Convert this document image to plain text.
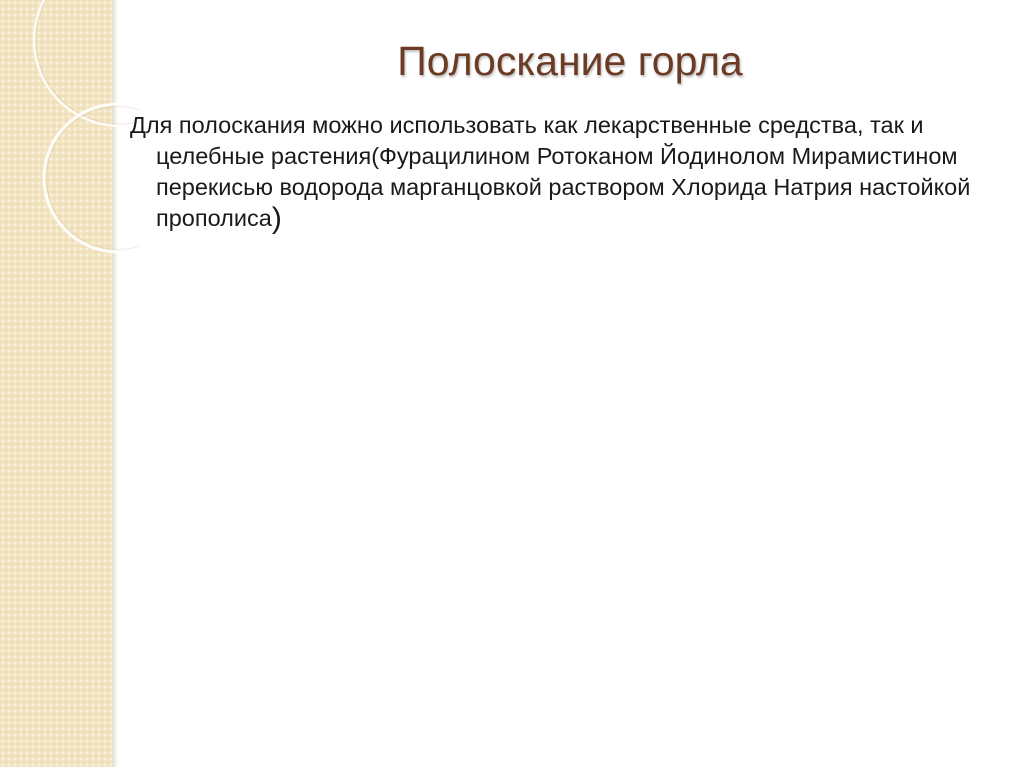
Полоскание горла

Для полоскания можно использовать как лекарственные средства, так и целебные растения(Фурацилином Ротоканом Йодинолом Мирамистином перекисью водорода марганцовкой раствором Хлорида Натрия настойкой прополиса)
